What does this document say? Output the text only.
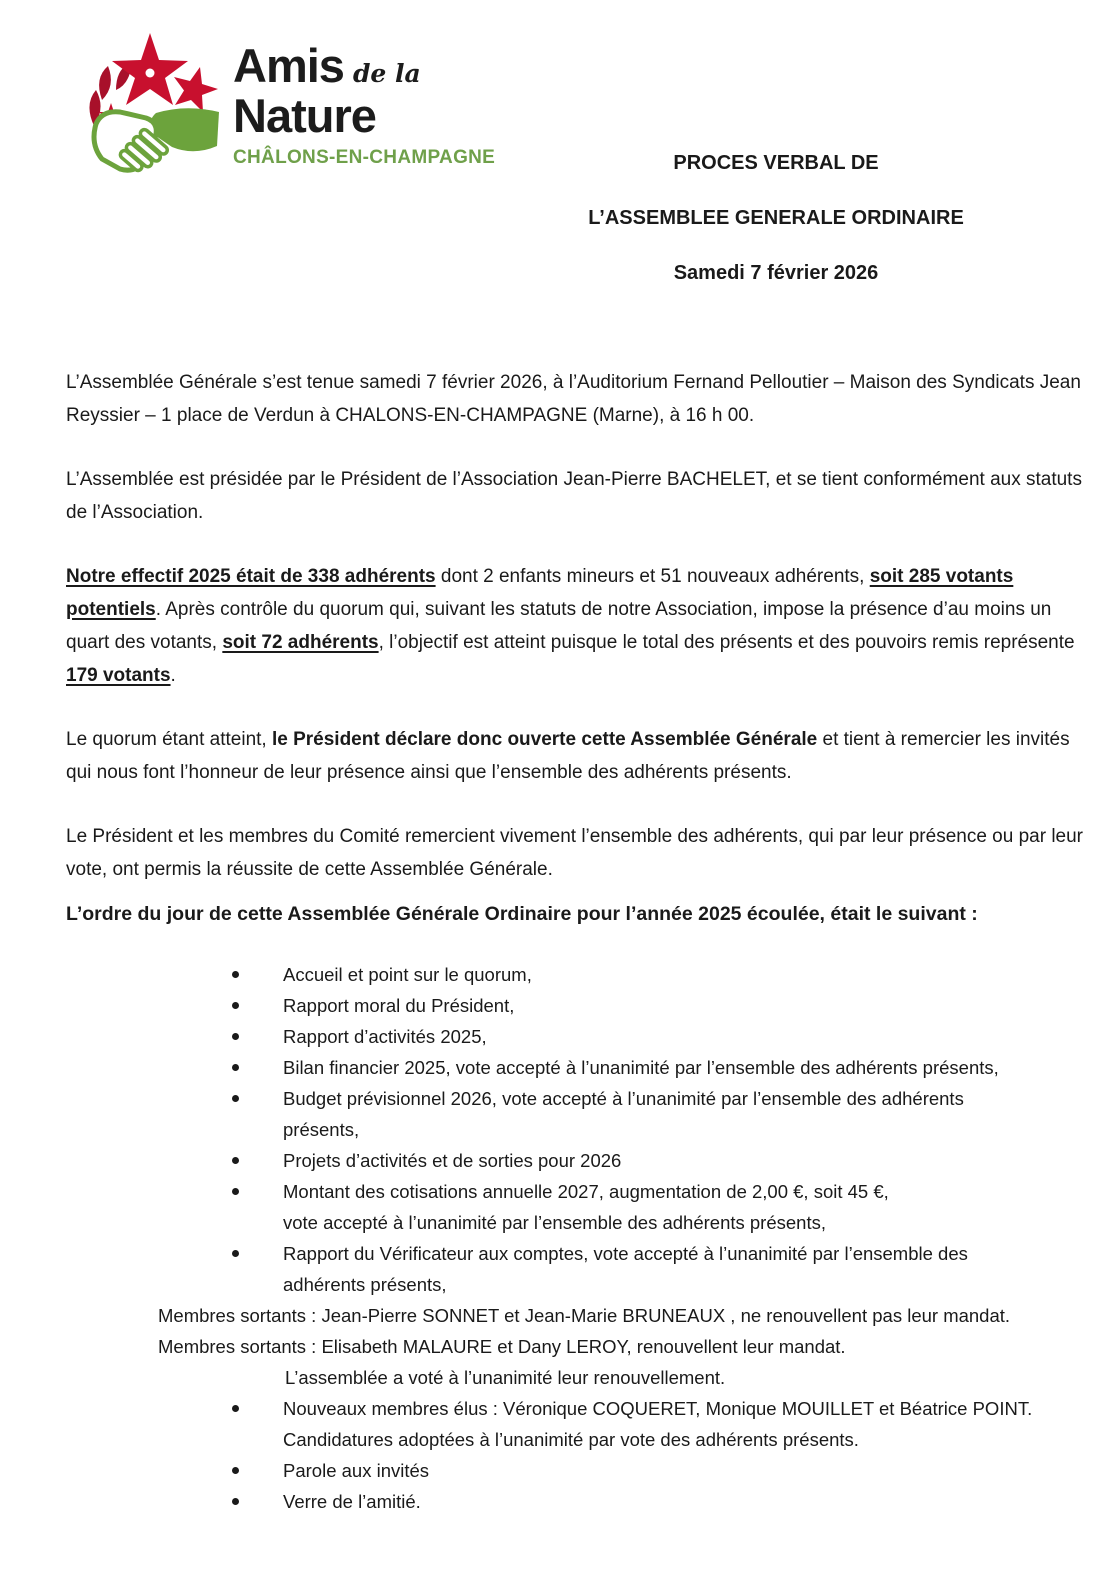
Amis de la
Nature
CHÂLONS-EN-CHAMPAGNE	PROCES VERBAL DE

L’ASSEMBLEE GENERALE ORDINAIRE

Samedi 7 février 2026

L’Assemblée Générale s’est tenue samedi 7 février 2026, à l’Auditorium Fernand Pelloutier – Maison des Syndicats Jean Reyssier – 1 place de Verdun à CHALONS-EN-CHAMPAGNE (Marne), à 16 h 00.

L’Assemblée est présidée par le Président de l’Association Jean-Pierre BACHELET, et se tient conformément aux statuts de l’Association.

Notre effectif 2025 était de 338 adhérents dont 2 enfants mineurs et 51 nouveaux adhérents, soit 285 votants potentiels. Après contrôle du quorum qui, suivant les statuts de notre Association, impose la présence d’au moins un quart des votants, soit 72 adhérents, l’objectif est atteint puisque le total des présents et des pouvoirs remis représente 179 votants.

Le quorum étant atteint, le Président déclare donc ouverte cette Assemblée Générale et tient à remercier les invités qui nous font l’honneur de leur présence ainsi que l’ensemble des adhérents présents.

Le Président et les membres du Comité remercient vivement l’ensemble des adhérents, qui par leur présence ou par leur vote, ont permis la réussite de cette Assemblée Générale.

L’ordre du jour de cette Assemblée Générale Ordinaire pour l’année 2025 écoulée, était le suivant :

Accueil et point sur le quorum,
Rapport moral du Président,
Rapport d’activités 2025,
Bilan financier 2025, vote accepté à l’unanimité par l’ensemble des adhérents présents,
Budget prévisionnel 2026, vote accepté à l’unanimité par l’ensemble des adhérents
présents,
Projets d’activités et de sorties pour 2026
Montant des cotisations annuelle 2027, augmentation de 2,00 €, soit 45 €,
vote accepté à l’unanimité par l’ensemble des adhérents présents,
Rapport du Vérificateur aux comptes, vote accepté à l’unanimité par l’ensemble des
adhérents présents,
Membres sortants : Jean-Pierre SONNET et Jean-Marie BRUNEAUX , ne renouvellent pas leur mandat.
Membres sortants : Elisabeth MALAURE et Dany LEROY, renouvellent leur mandat.
L’assemblée a voté à l’unanimité leur renouvellement.
Nouveaux membres élus : Véronique COQUERET, Monique MOUILLET et Béatrice POINT.
Candidatures adoptées à l’unanimité par vote des adhérents présents.
Parole aux invités
Verre de l’amitié.
